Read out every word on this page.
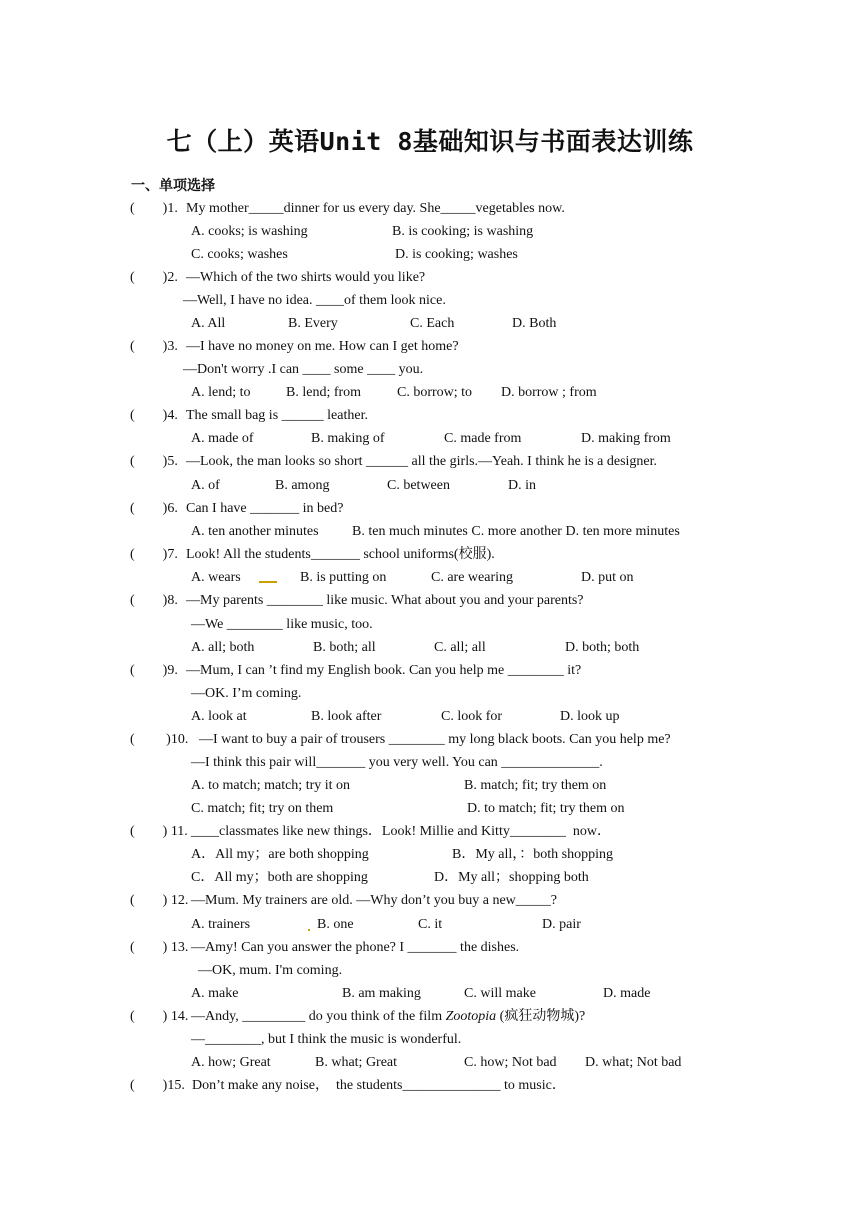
七（上）英语Unit 8基础知识与书面表达训练
一、单项选择
(        )1. My mother_____dinner for us every day. She_____vegetables now.
A. cooks; is washing	B. is cooking; is washing
C. cooks; washes	D. is cooking; washes
(        )2. —Which of the two shirts would you like?
—Well, I have no idea. ____of them look nice.
A. All	B. Every	C. Each	D. Both
(        )3. —I have no money on me. How can I get home?
—Don't worry .I can ____ some ____ you.
A. lend; to	B. lend; from	C. borrow; to D. borrow ; from
(        )4. The small bag is ______ leather.
A. made of	B. making of	C. made from	D. making from
(        )5. —Look, the man looks so short ______ all the girls.—Yeah. I think he is a designer.
A. of	B. among	C. between	D. in
(        )6. Can I have _______ in bed?
A. ten another minutes B. ten much minutes C. more another D. ten more minutes
(        )7. Look! All the students_______ school uniforms(校服).
A. wears	B. is putting on	C. are wearing	D. put on
(        )8. —My parents ________ like music. What about you and your parents?
—We ________ like music, too.
A. all; both	B. both; all	C. all; all	D. both; both
(        )9. —Mum, I can ’t find my English book. Can you help me ________ it?
—OK. I’m coming.
A. look at	B. look after	C. look for	D. look up
(         )10. —I want to buy a pair of trousers ________ my long black boots. Can you help me?
—I think this pair will_______ you very well. You can ______________.
A. to match; match; try it on	B. match; fit; try them on
C. match; fit; try on them	D. to match; fit; try them on
(        ) 11. ____classmates like new things．Look! Millie and Kitty________  now．
A．All my；are both shopping	B．My all，：both shopping
C．All my；both are shopping	D．My all；shopping both
(        ) 12. —Mum. My trainers are old. —Why don’t you buy a new_____?
A. trainers	B. one	C. it	D. pair
(        ) 13. —Amy! Can you answer the phone? I _______ the dishes.
—OK, mum. I'm coming.
A. make	B. am making	C. will make	D. made
(        ) 14. —Andy, _________ do you think of the film Zootopia (疯狂动物城)?
—________, but I think the music is wonderful.
A. how; Great	B. what; Great	C. how; Not bad D. what; Not bad
(        )15. Don’t make any noise，  the students______________ to music．
